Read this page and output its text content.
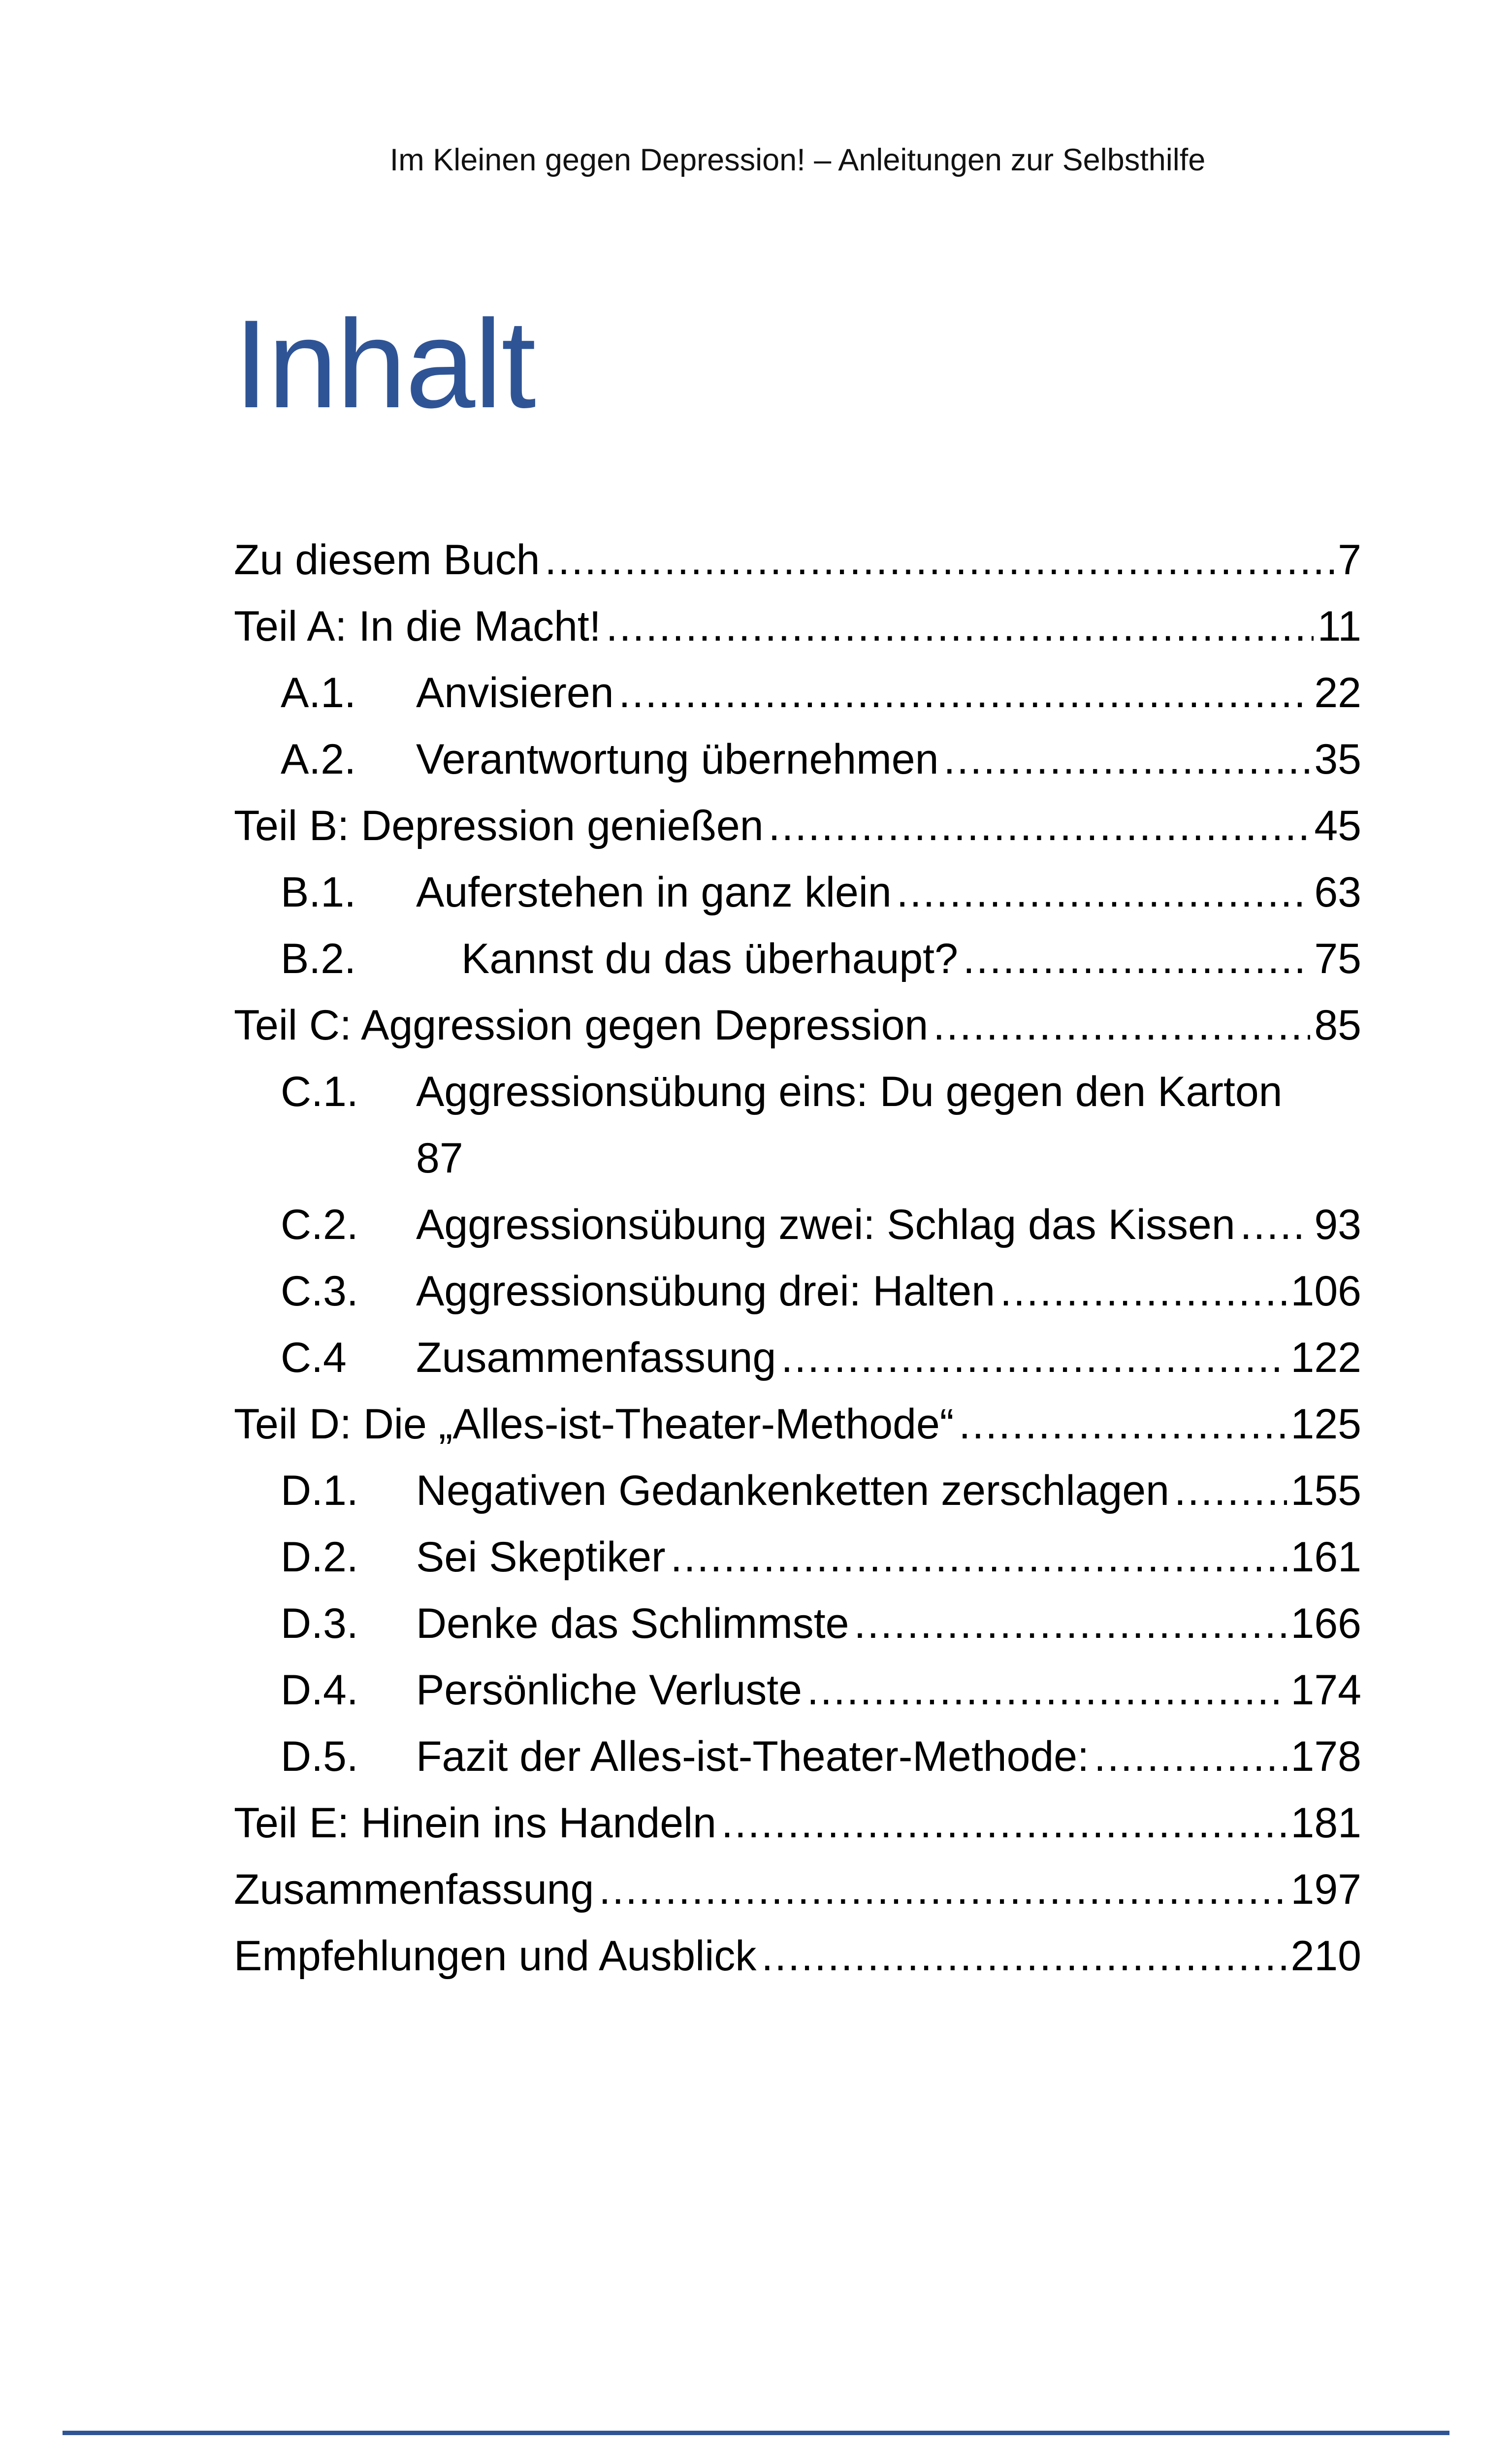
Im Kleinen gegen Depression! – Anleitungen zur Selbsthilfe
Inhalt
Zu diesem Buch .....	7
Teil A: In die Macht! .....	11
A.1.	Anvisieren .....	22
A.2.	Verantwortung übernehmen .....	35
Teil B: Depression genießen .....	45
B.1.	Auferstehen in ganz klein .....	63
B.2.	Kannst du das überhaupt? .....	75
Teil C: Aggression gegen Depression .....	85
C.1.	Aggressionsübung eins: Du gegen den Karton
87
C.2.	Aggressionsübung zwei: Schlag das Kissen ..... 93
C.3.	Aggressionsübung drei: Halten .....	106
C.4	Zusammenfassung .....	122
Teil D: Die „Alles-ist-Theater-Methode“ .....	125
D.1.	Negativen Gedankenketten zerschlagen .....	155
D.2.	Sei Skeptiker .....	161
D.3.	Denke das Schlimmste .....	166
D.4.	Persönliche Verluste .....	174
D.5.	Fazit der Alles-ist-Theater-Methode: .....	178
Teil E: Hinein ins Handeln .....	181
Zusammenfassung .....	197
Empfehlungen und Ausblick .....	210
